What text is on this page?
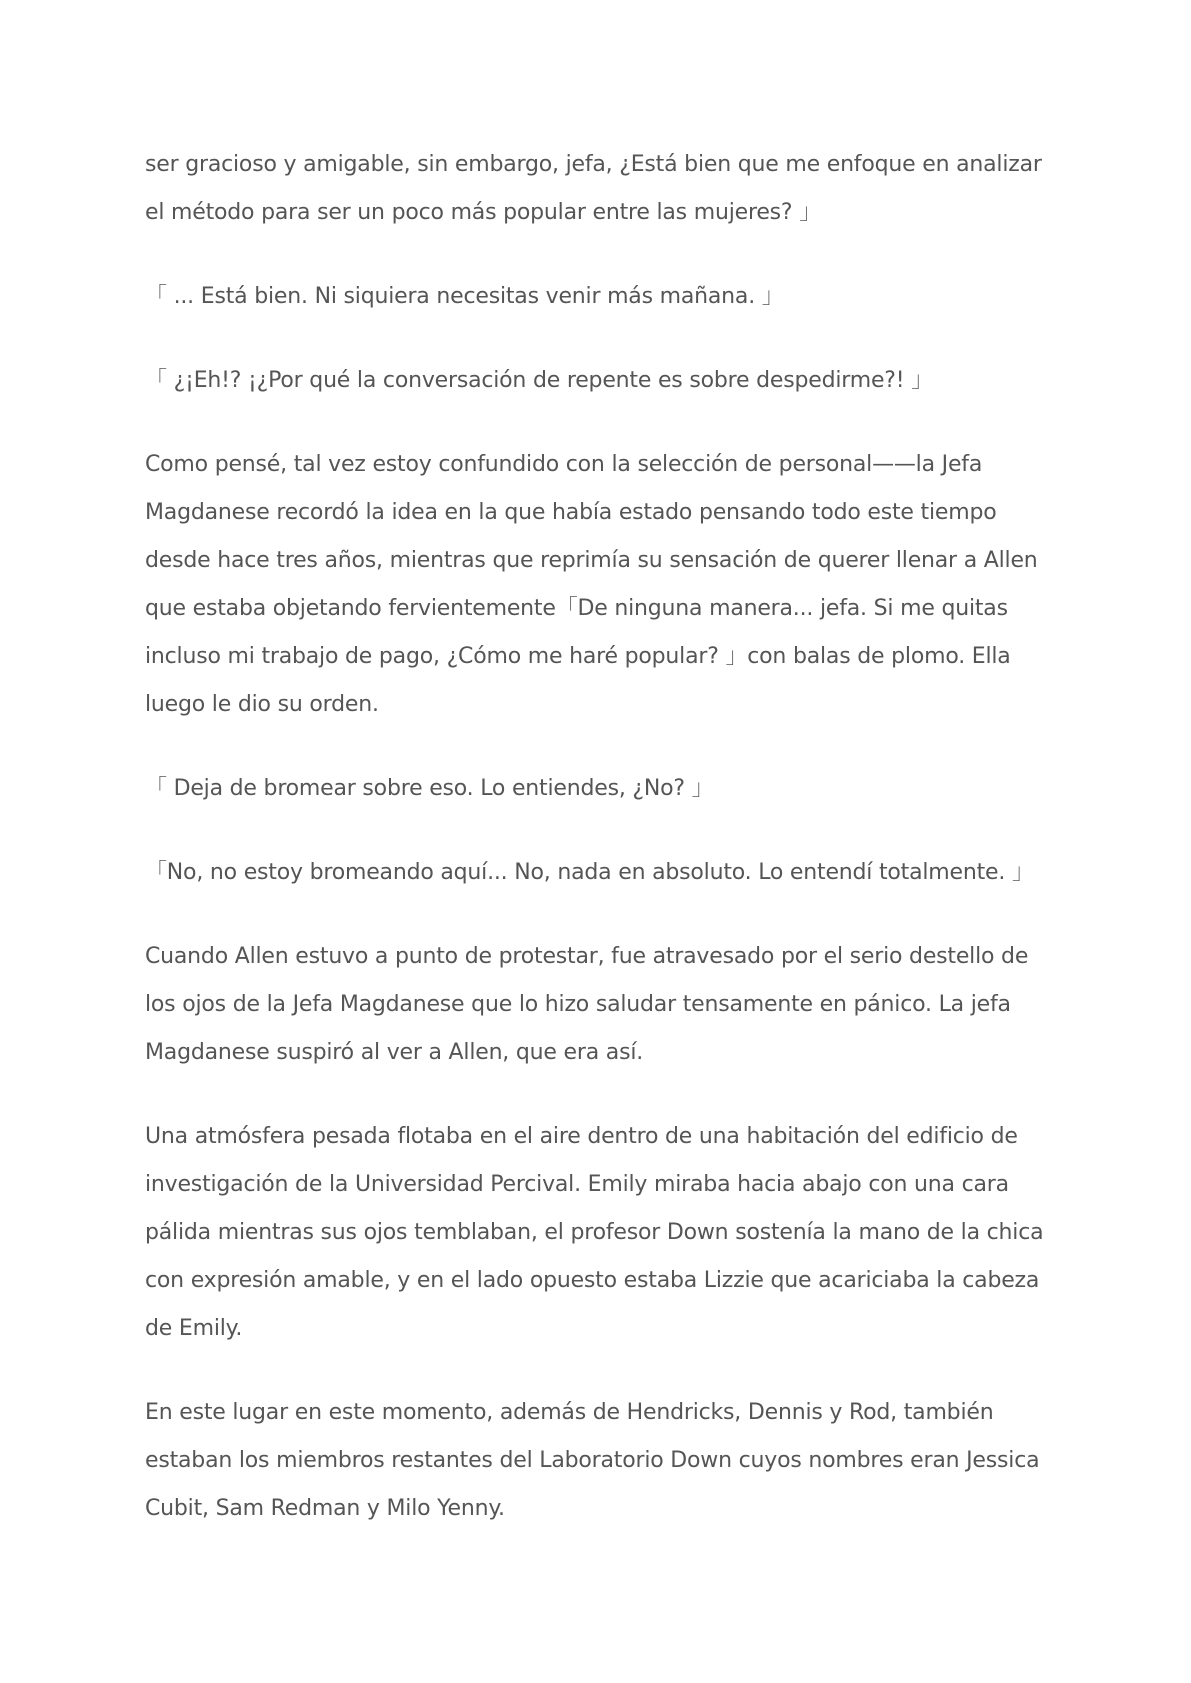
ser gracioso y amigable, sin embargo, jefa, ¿Está bien que me enfoque en analizar el método para ser un poco más popular entre las mujeres? 」

「 ... Está bien. Ni siquiera necesitas venir más mañana. 」

「 ¿¡Eh!? ¡¿Por qué la conversación de repente es sobre despedirme?! 」

Como pensé, tal vez estoy confundido con la selección de personal——la Jefa Magdanese recordó la idea en la que había estado pensando todo este tiempo desde hace tres años, mientras que reprimía su sensación de querer llenar a Allen que estaba objetando fervientemente「De ninguna manera... jefa. Si me quitas incluso mi trabajo de pago, ¿Cómo me haré popular? 」con balas de plomo. Ella luego le dio su orden.

「 Deja de bromear sobre eso. Lo entiendes, ¿No? 」

「No, no estoy bromeando aquí... No, nada en absoluto. Lo entendí totalmente. 」

Cuando Allen estuvo a punto de protestar, fue atravesado por el serio destello de los ojos de la Jefa Magdanese que lo hizo saludar tensamente en pánico. La jefa Magdanese suspiró al ver a Allen, que era así.

Una atmósfera pesada flotaba en el aire dentro de una habitación del edificio de investigación de la Universidad Percival. Emily miraba hacia abajo con una cara pálida mientras sus ojos temblaban, el profesor Down sostenía la mano de la chica con expresión amable, y en el lado opuesto estaba Lizzie que acariciaba la cabeza de Emily.

En este lugar en este momento, además de Hendricks, Dennis y Rod, también estaban los miembros restantes del Laboratorio Down cuyos nombres eran Jessica Cubit, Sam Redman y Milo Yenny.
